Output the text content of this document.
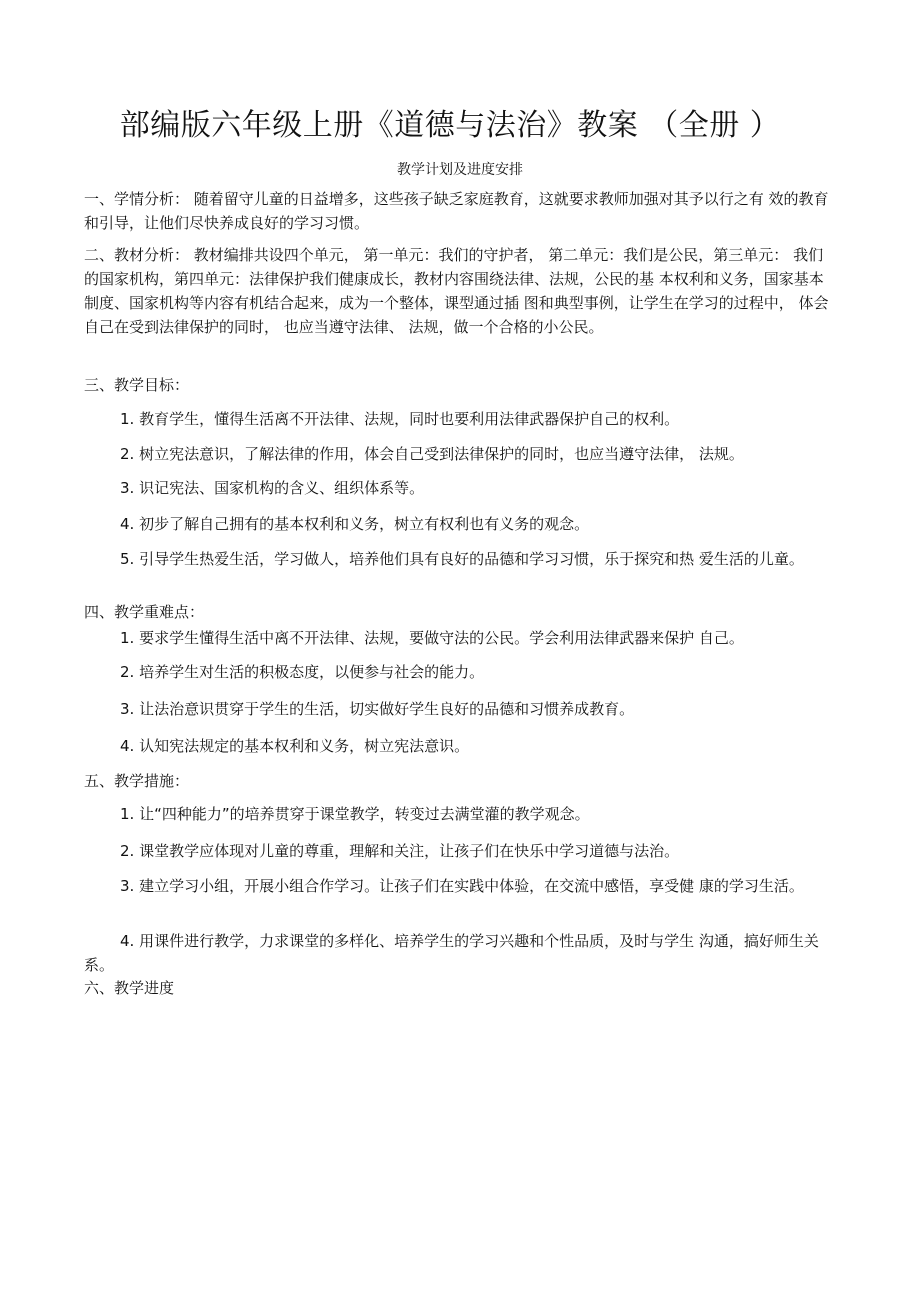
部编版六年级上册《道德与法治》教案 （全册 ）
教学计划及进度安排

一、学情分析： 随着留守儿童的日益增多，这些孩子缺乏家庭教育，这就要求教师加强对其予以行之有 效的教育和引导，让他们尽快养成良好的学习习惯。

二、教材分析： 教材编排共设四个单元， 第一单元：我们的守护者， 第二单元：我们是公民，第三单元： 我们的国家机构，第四单元：法律保护我们健康成长，教材内容围绕法律、法规，公民的基 本权利和义务，国家基本制度、国家机构等内容有机结合起来，成为一个整体，课型通过插 图和典型事例，让学生在学习的过程中， 体会自己在受到法律保护的同时， 也应当遵守法律、 法规，做一个合格的小公民。

三、教学目标：

1. 教育学生，懂得生活离不开法律、法规，同时也要利用法律武器保护自己的权利。

2. 树立宪法意识，了解法律的作用，体会自己受到法律保护的同时，也应当遵守法律， 法规。

3. 识记宪法、国家机构的含义、组织体系等。

4. 初步了解自己拥有的基本权利和义务，树立有权利也有义务的观念。

5. 引导学生热爱生活，学习做人，培养他们具有良好的品德和学习习惯，乐于探究和热 爱生活的儿童。

四、教学重难点：

1. 要求学生懂得生活中离不开法律、法规，要做守法的公民。学会利用法律武器来保护 自己。

2. 培养学生对生活的积极态度，以便参与社会的能力。

3. 让法治意识贯穿于学生的生活，切实做好学生良好的品德和习惯养成教育。

4. 认知宪法规定的基本权利和义务，树立宪法意识。

五、教学措施：

1. 让“四种能力”的培养贯穿于课堂教学，转变过去满堂灌的教学观念。

2. 课堂教学应体现对儿童的尊重，理解和关注，让孩子们在快乐中学习道德与法治。

3. 建立学习小组，开展小组合作学习。让孩子们在实践中体验，在交流中感悟，享受健 康的学习生活。

4. 用课件进行教学，力求课堂的多样化、培养学生的学习兴趣和个性品质，及时与学生 沟通，搞好师生关系。

六、教学进度
